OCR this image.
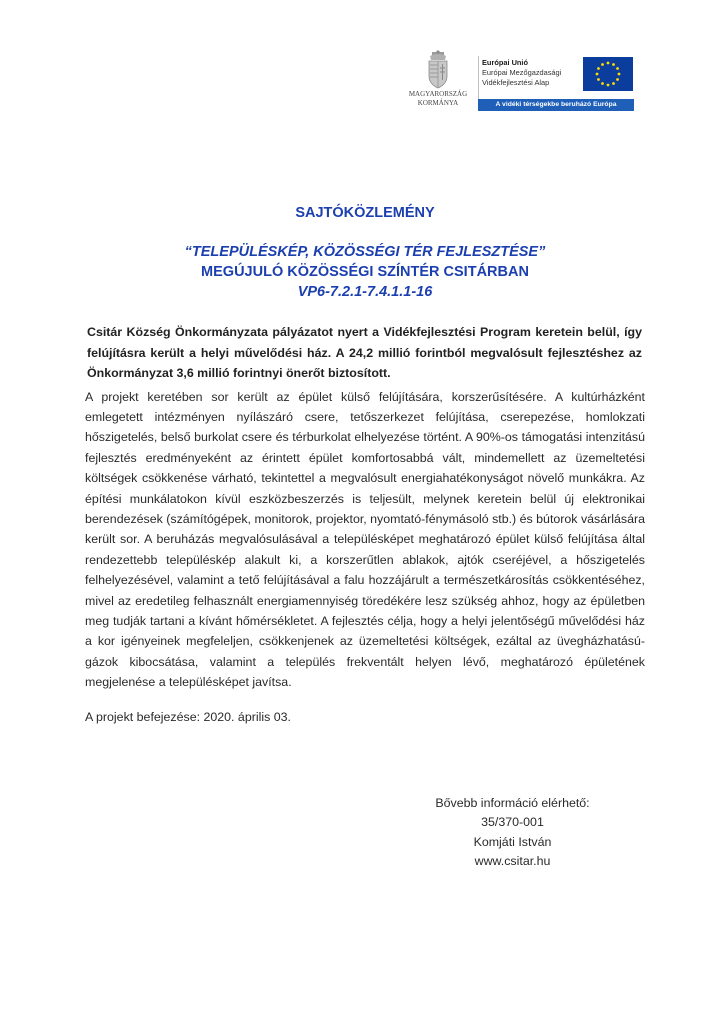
MAGYARORSZÁG
KORMÁNYA
Európai Unió
Európai Mezőgazdasági
Vidékfejlesztési Alap
A vidéki térségekbe beruházó Európa

SAJTÓKÖZLEMÉNY

“TELEPÜLÉSKÉP, KÖZÖSSÉGI TÉR FEJLESZTÉSE”

MEGÚJULÓ KÖZÖSSÉGI SZÍNTÉR CSITÁRBAN

VP6-7.2.1-7.4.1.1-16

Csitár Község Önkormányzata pályázatot nyert a Vidékfejlesztési Program keretein belül, így felújításra került a helyi művelődési ház. A 24,2 millió forintból megvalósult fejlesztéshez az Önkormányzat 3,6 millió forintnyi önerőt biztosított.

A projekt keretében sor került az épület külső felújítására, korszerűsítésére. A kultúrházként emlegetett intézményen nyílászáró csere, tetőszerkezet felújítása, cserepezése, homlokzati hőszigetelés, belső burkolat csere és térburkolat elhelyezése történt. A 90%-os támogatási intenzitású fejlesztés eredményeként az érintett épület komfortosabbá vált, mindemellett az üzemeltetési költségek csökkenése várható, tekintettel a megvalósult energiahatékonyságot növelő munkákra. Az építési munkálatokon kívül eszközbeszerzés is teljesült, melynek keretein belül új elektronikai berendezések (számítógépek, monitorok, projektor, nyomtató-fénymásoló stb.) és bútorok vásárlására került sor. A beruházás megvalósulásával a településképet meghatározó épület külső felújítása által rendezettebb településkép alakult ki, a korszerűtlen ablakok, ajtók cseréjével, a hőszigetelés felhelyezésével, valamint a tető felújításával a falu hozzájárult a természetkárosítás csökkentéséhez, mivel az eredetileg felhasznált energiamennyiség töredékére lesz szükség ahhoz, hogy az épületben meg tudják tartani a kívánt hőmérsékletet. A fejlesztés célja, hogy a helyi jelentőségű művelődési ház a kor igényeinek megfeleljen, csökkenjenek az üzemeltetési költségek, ezáltal az üvegházhatású-gázok kibocsátása, valamint a település frekventált helyen lévő, meghatározó épületének megjelenése a településképet javítsa.

A projekt befejezése: 2020. április 03.

Bővebb információ elérhető:
35/370-001
Komjáti István
www.csitar.hu
